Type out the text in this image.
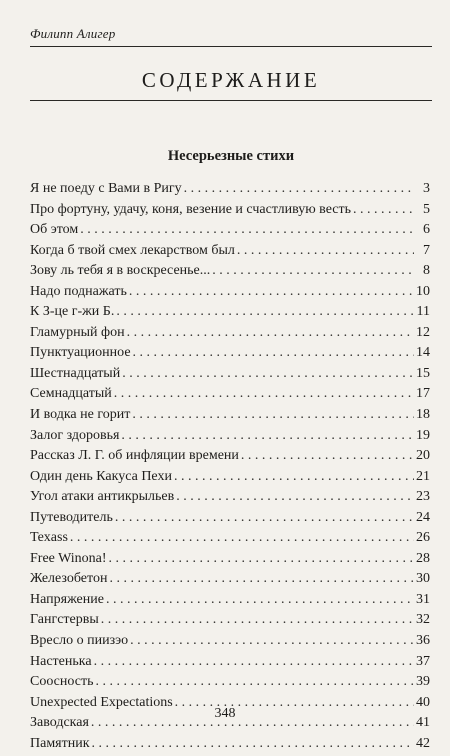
Филипп Алигер
СОДЕРЖАНИЕ
Несерьезные стихи
Я не поеду с Вами в Ригу . . .	3
Про фортуну, удачу, коня, везение и счастливую весть . . .	5
Об этом . . .	6
Когда б твой смех лекарством был . . .	7
Зову ль тебя я в воскресенье... . . .	8
Надо поднажать . . .	10
К З-це г-жи Б. . . .	11
Гламурный фон . . .	12
Пунктуационное . . .	14
Шестнадцатый . . .	15
Семнадцатый . . .	17
И водка не горит . . .	18
Залог здоровья . . .	19
Рассказ Л. Г. об инфляции времени . . .	20
Один день Какуса Пехи . . .	21
Угол атаки антикрыльев . . .	23
Путеводитель . . .	24
Texass . . .	26
Free Winona! . . .	28
Железобетон . . .	30
Напряжение . . .	31
Гангстервы . . .	32
Вресло о пиизэо . . .	36
Настенька . . .	37
Соосность . . .	39
Unexpected Expectations . . .	40
Заводская . . .	41
Памятник . . .	42
348
